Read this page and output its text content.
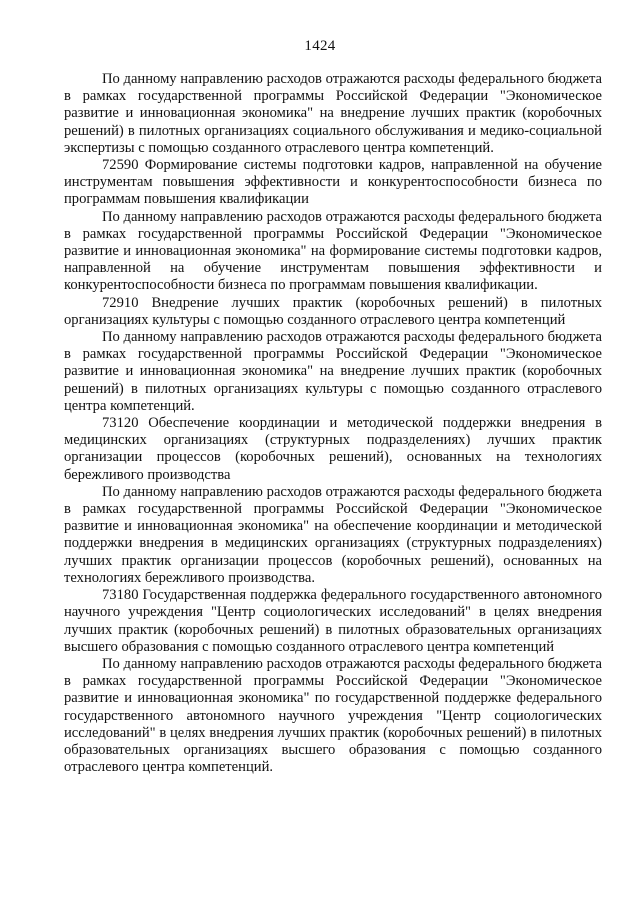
1424

По данному направлению расходов отражаются расходы федерального бюджета в рамках государственной программы Российской Федерации "Экономическое развитие и инновационная экономика" на внедрение лучших практик (коробочных решений) в пилотных организациях социального обслуживания и медико-социальной экспертизы с помощью созданного отраслевого центра компетенций.

72590 Формирование системы подготовки кадров, направленной на обучение инструментам повышения эффективности и конкурентоспособности бизнеса по программам повышения квалификации

По данному направлению расходов отражаются расходы федерального бюджета в рамках государственной программы Российской Федерации "Экономическое развитие и инновационная экономика" на формирование системы подготовки кадров, направленной на обучение инструментам повышения эффективности и конкурентоспособности бизнеса по программам повышения квалификации.

72910 Внедрение лучших практик (коробочных решений) в пилотных организациях культуры с помощью созданного отраслевого центра компетенций

По данному направлению расходов отражаются расходы федерального бюджета в рамках государственной программы Российской Федерации "Экономическое развитие и инновационная экономика" на внедрение лучших практик (коробочных решений) в пилотных организациях культуры с помощью созданного отраслевого центра компетенций.

73120 Обеспечение координации и методической поддержки внедрения в медицинских организациях (структурных подразделениях) лучших практик организации процессов (коробочных решений), основанных на технологиях бережливого производства

По данному направлению расходов отражаются расходы федерального бюджета в рамках государственной программы Российской Федерации "Экономическое развитие и инновационная экономика" на обеспечение координации и методической поддержки внедрения в медицинских организациях (структурных подразделениях) лучших практик организации процессов (коробочных решений), основанных на технологиях бережливого производства.

73180 Государственная поддержка федерального государственного автономного научного учреждения "Центр социологических исследований" в целях внедрения лучших практик (коробочных решений) в пилотных образовательных организациях высшего образования с помощью созданного отраслевого центра компетенций

По данному направлению расходов отражаются расходы федерального бюджета в рамках государственной программы Российской Федерации "Экономическое развитие и инновационная экономика" по государственной поддержке федерального государственного автономного научного учреждения "Центр социологических исследований" в целях внедрения лучших практик (коробочных решений) в пилотных образовательных организациях высшего образования с помощью созданного отраслевого центра компетенций.
